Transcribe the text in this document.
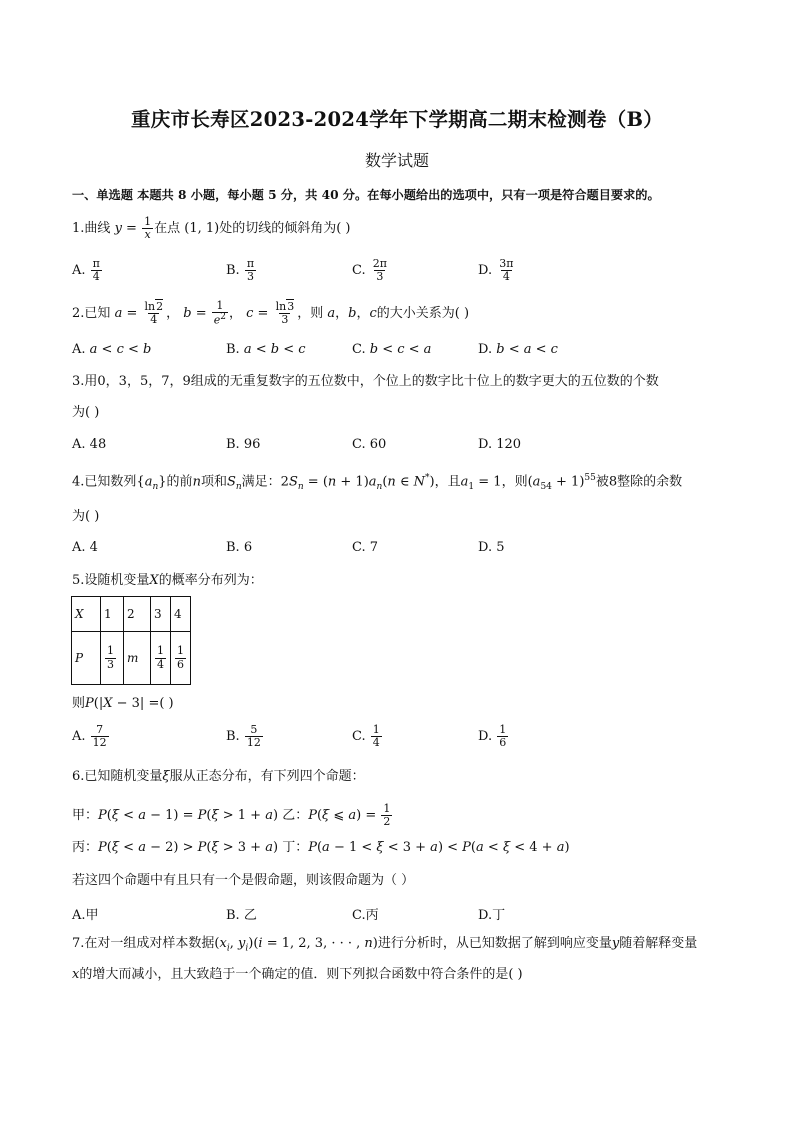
重庆市长寿区2023-2024学年下学期高二期末检测卷（B）
数学试题
一、单选题 本题共 8 小题，每小题 5 分，共 40 分。在每小题给出的选项中，只有一项是符合题目要求的。
1.曲线 $y = \frac{1}{x}$ 在点 (1, 1)处的切线的倾斜角为( )
A. $\frac{\pi}{4}$	B. $\frac{\pi}{3}$	C. $\frac{2\pi}{3}$	D. $\frac{3\pi}{4}$
2.已知 $a = \frac{\ln 2}{4}$ ， $b = \frac{1}{e^2}$ ， $c = \frac{\ln 3}{3}$ ，则 a，b，c的大小关系为( )
A. a < c < b	B. a < b < c	C. b < c < a	D. b < a < c
3.用0，3，5，7，9组成的无重复数字的五位数中，个位上的数字比十位上的数字更大的五位数的个数
为( )
A. 48	B. 96	C. 60	D. 120
4.已知数列$\{a_n\}$的前n项和$S_n$满足：$2S_n = (n + 1)a_n(n$ ∈ N*)，且$a_1 = 1$，则$(a_{54} + 1)^{55}$被8整除的余数
为( )
A. 4	B. 6	C. 7	D. 5
5.设随机变量X的概率分布列为：
X	1	2	3	4
P	$\frac{1}{3}$	m	$\frac{1}{4}$	$\frac{1}{6}$
则P(|X − 3| =( )
A. $\frac{7}{12}$	B. $\frac{5}{12}$	C. $\frac{1}{4}$	D. $\frac{1}{6}$
6.已知随机变量ξ服从正态分布，有下列四个命题：
甲：P(ξ < a − 1) = P(ξ > 1 + a) 乙：P(ξ ⩽ $a) = \frac{1}{2}$
丙：P(ξ < a − 2) > P(ξ > 3 + a) 丁：P(a − 1 < ξ < 3 + a) < P(a < ξ < 4 + a)
若这四个命题中有且只有一个是假命题，则该假命题为（ ）
A.甲	B. 乙	C.丙	D.丁
7.在对一组成对样本数据($x_i$, $y_i)(i = 1$, 2, 3, · · · , n)进行分析时，从已知数据了解到响应变量y随着解释变量
x的增大而减小，且大致趋于一个确定的值．则下列拟合函数中符合条件的是( )
